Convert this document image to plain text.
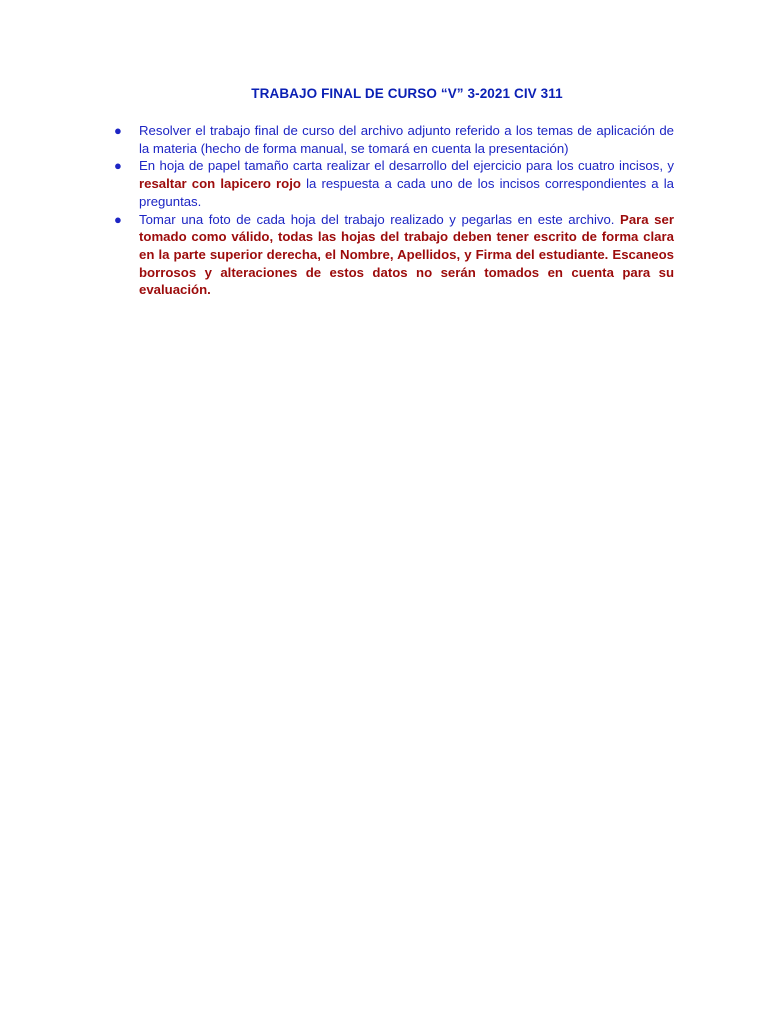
TRABAJO FINAL DE CURSO “V” 3-2021 CIV 311
● Resolver el trabajo final de curso del archivo adjunto referido a los temas de aplicación de la materia (hecho de forma manual, se tomará en cuenta la presentación)
● En hoja de papel tamaño carta realizar el desarrollo del ejercicio para los cuatro incisos, y resaltar con lapicero rojo la respuesta a cada uno de los incisos correspondientes a la preguntas.
● Tomar una foto de cada hoja del trabajo realizado y pegarlas en este archivo. Para ser tomado como válido, todas las hojas del trabajo deben tener escrito de forma clara en la parte superior derecha, el Nombre, Apellidos, y Firma del estudiante. Escaneos borrosos y alteraciones de estos datos no serán tomados en cuenta para su evaluación.
